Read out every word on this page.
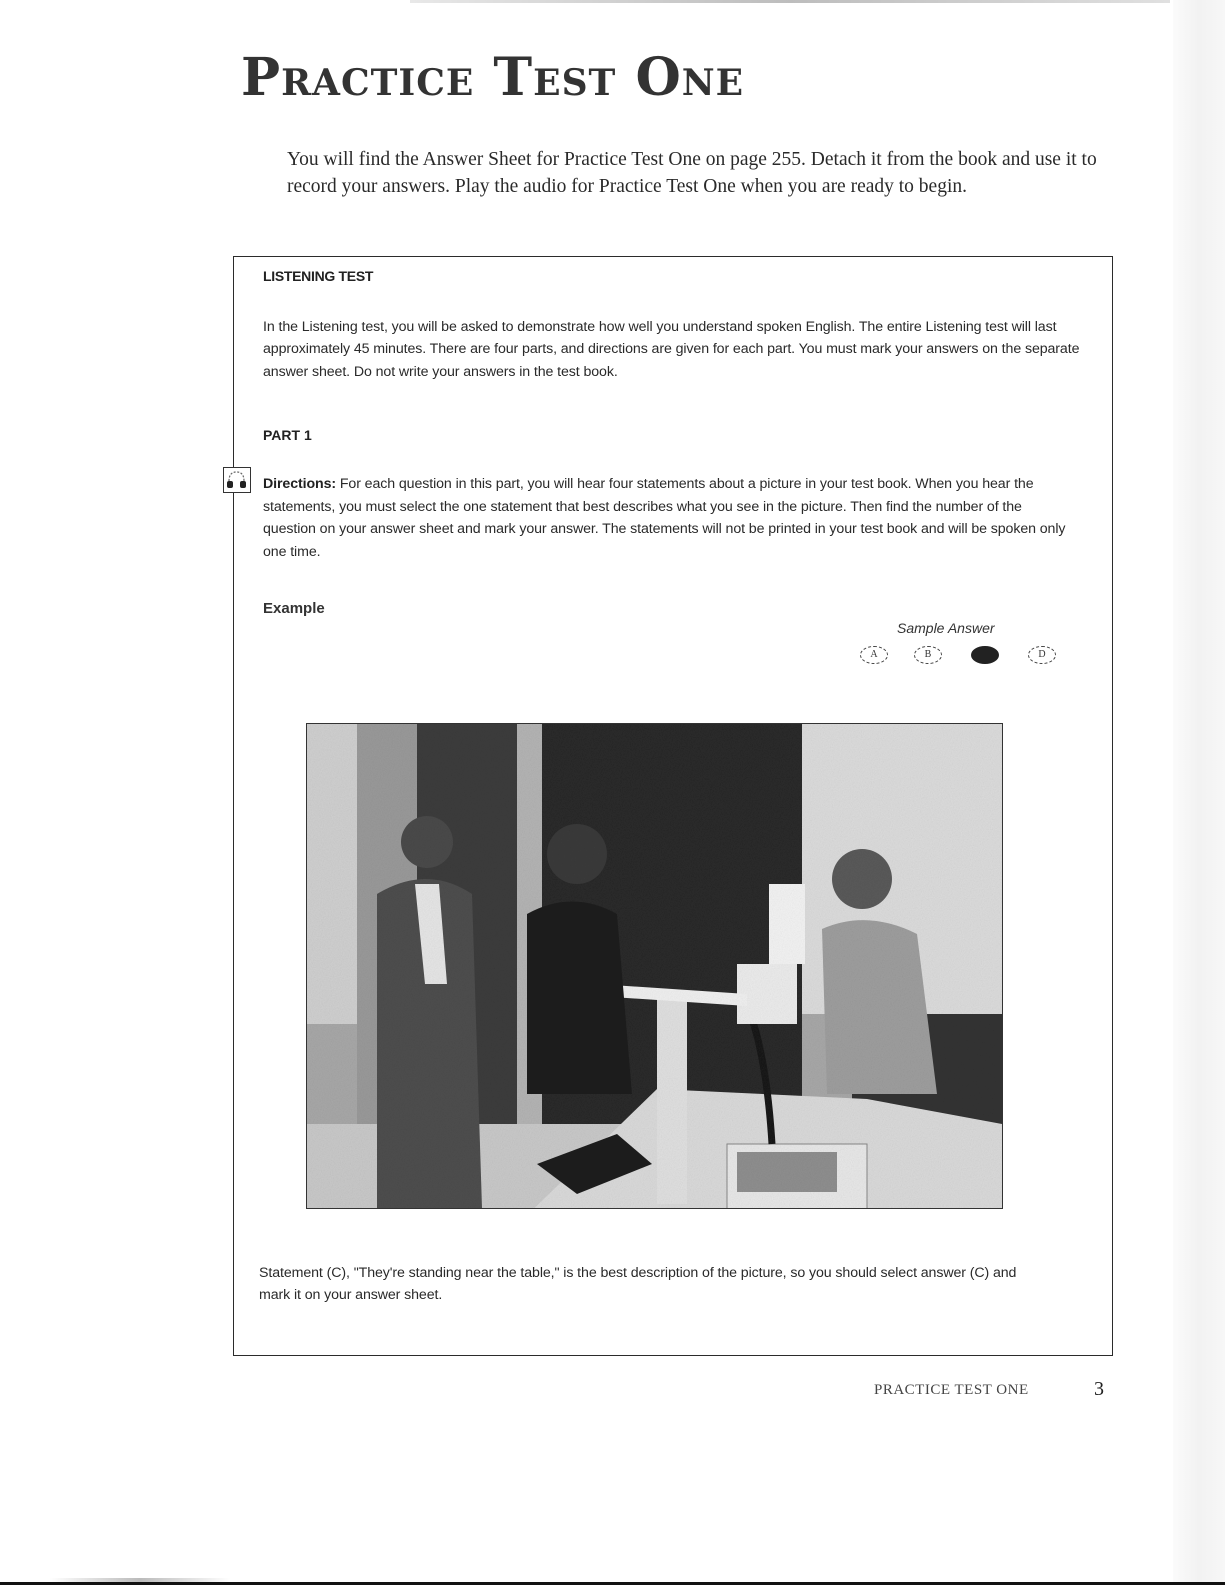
Practice Test One
You will find the Answer Sheet for Practice Test One on page 255. Detach it from the book and use it to record your answers. Play the audio for Practice Test One when you are ready to begin.
LISTENING TEST
In the Listening test, you will be asked to demonstrate how well you understand spoken English. The entire Listening test will last approximately 45 minutes. There are four parts, and directions are given for each part. You must mark your answers on the separate answer sheet. Do not write your answers in the test book.
PART 1
Directions: For each question in this part, you will hear four statements about a picture in your test book. When you hear the statements, you must select the one statement that best describes what you see in the picture. Then find the number of the question on your answer sheet and mark your answer. The statements will not be printed in your test book and will be spoken only one time.
Example
Sample Answer
A	B	D
Statement (C), "They're standing near the table," is the best description of the picture, so you should select answer (C) and mark it on your answer sheet.
PRACTICE TEST ONE	3
